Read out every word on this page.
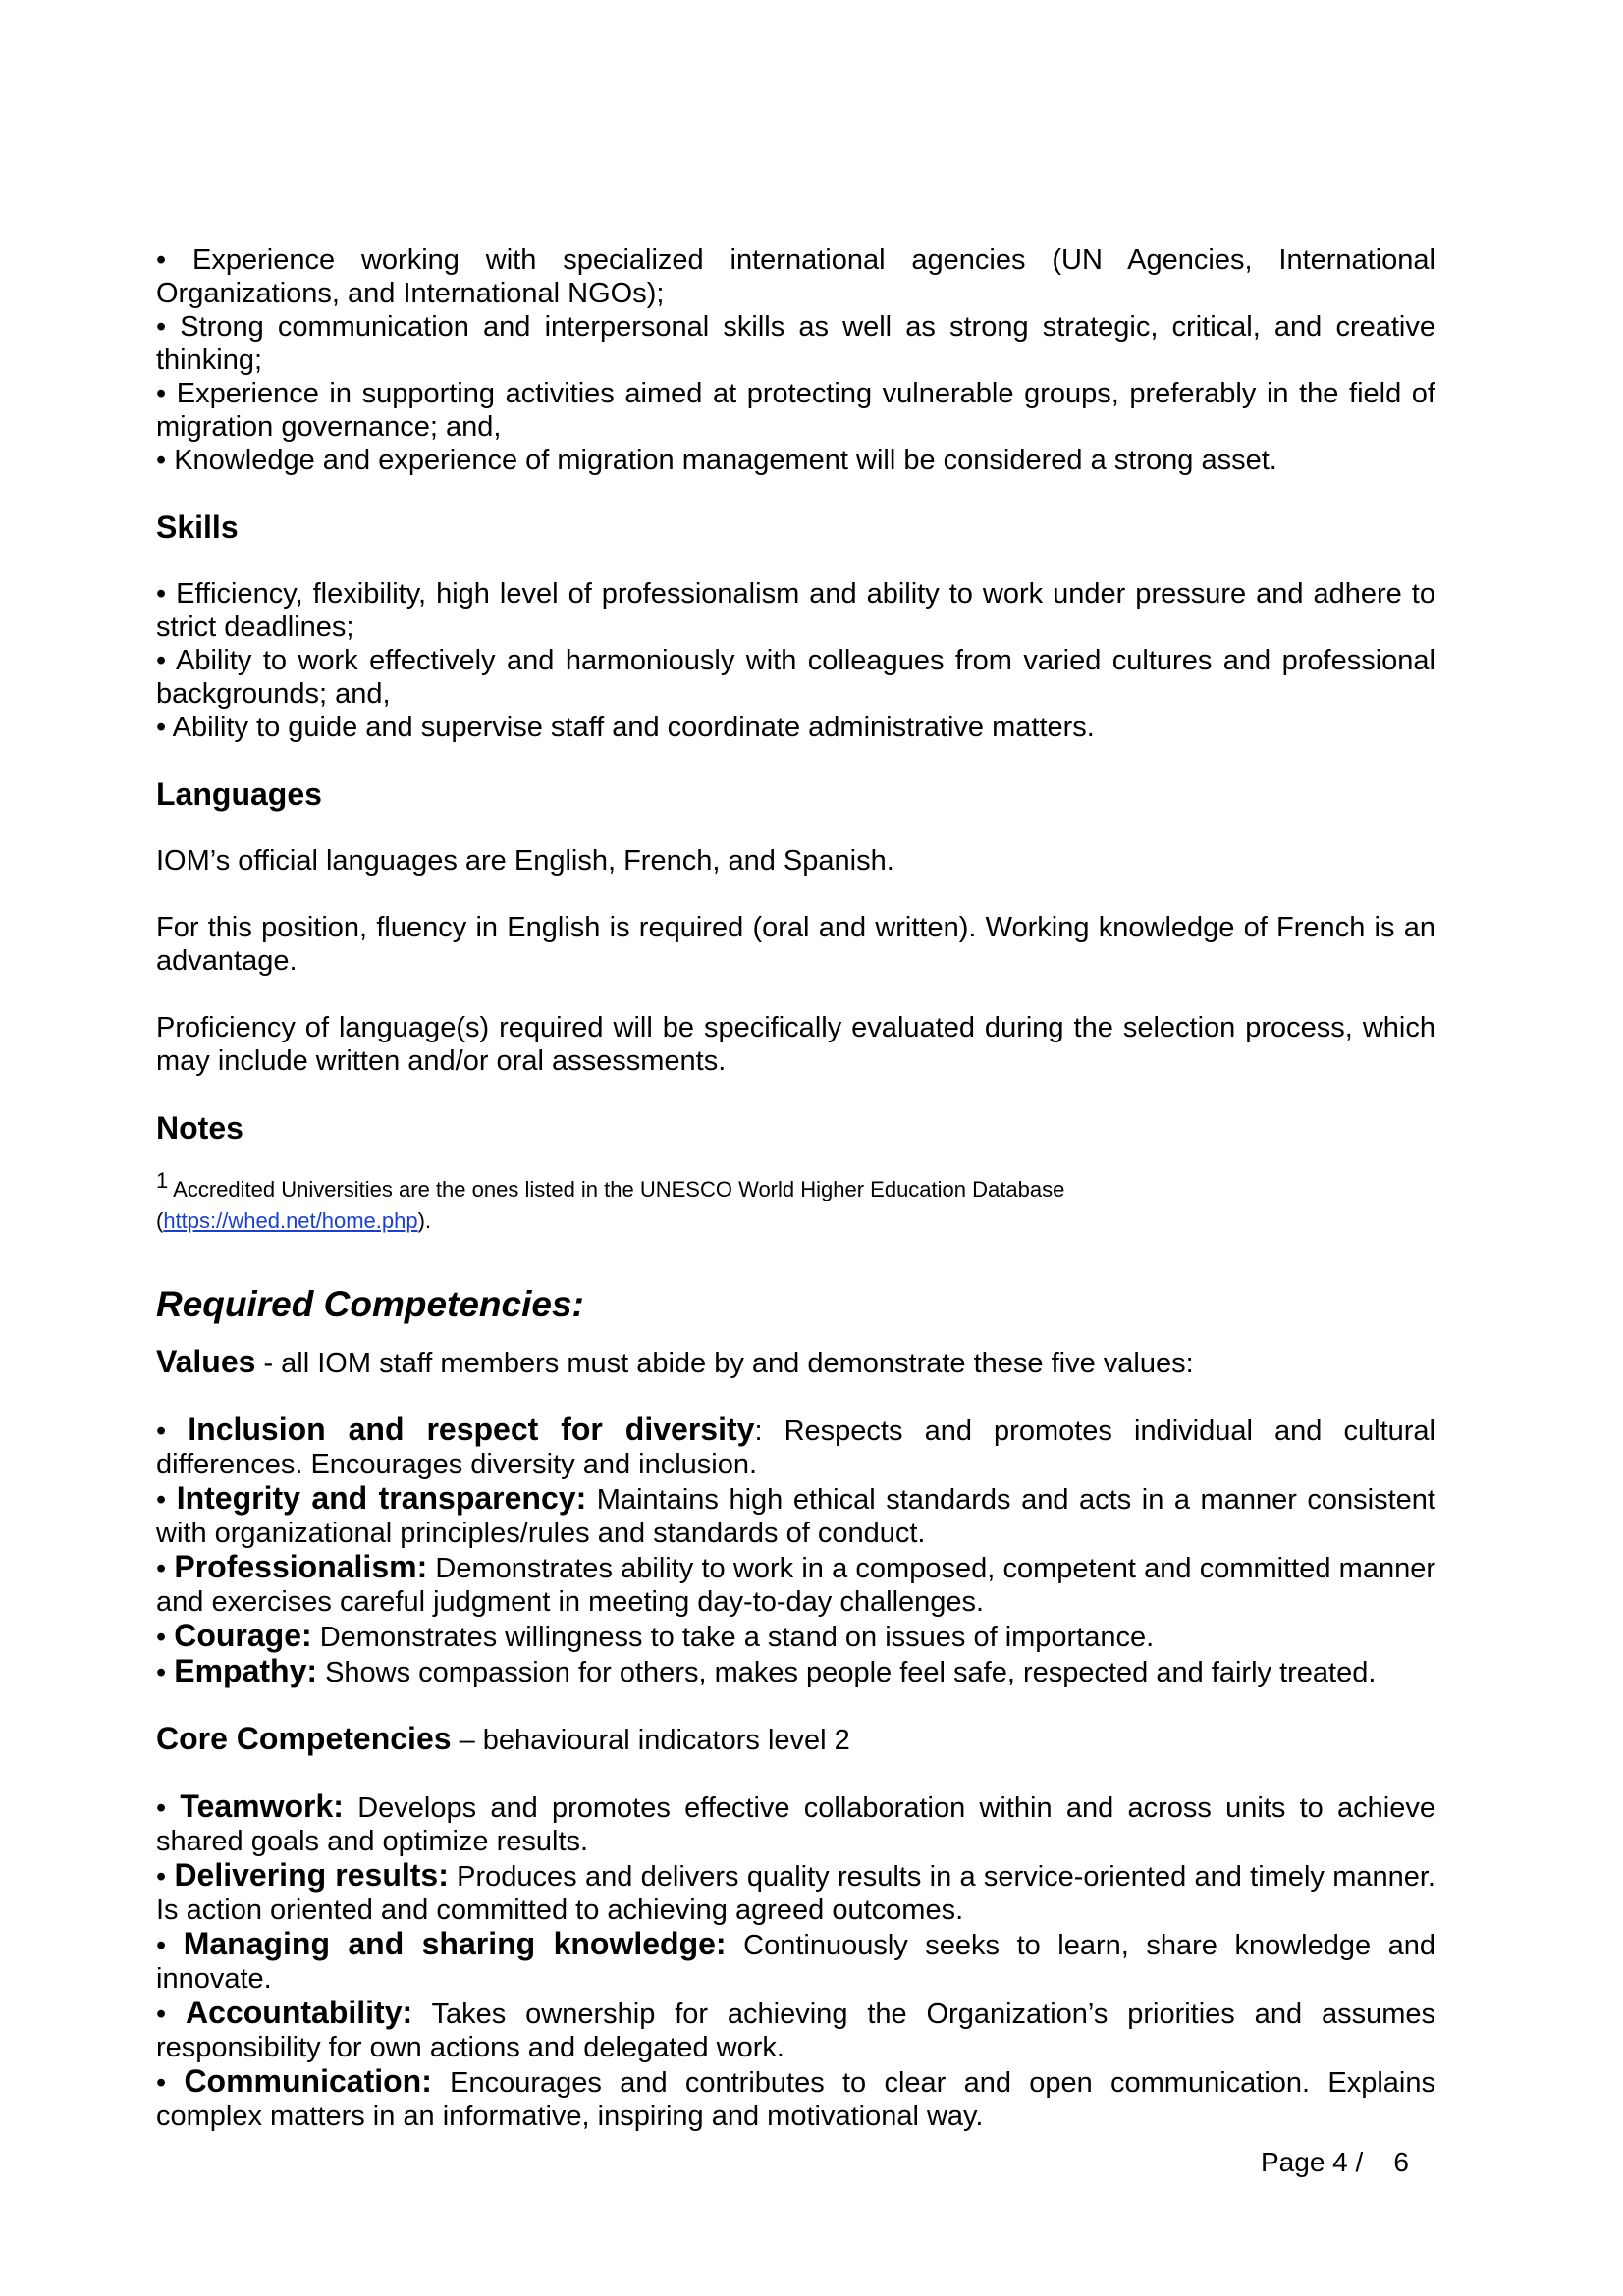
• Experience working with specialized international agencies (UN Agencies, International Organizations, and International NGOs);

• Strong communication and interpersonal skills as well as strong strategic, critical, and creative thinking;

• Experience in supporting activities aimed at protecting vulnerable groups, preferably in the field of migration governance; and,

• Knowledge and experience of migration management will be considered a strong asset.

Skills

• Efficiency, flexibility, high level of professionalism and ability to work under pressure and adhere to strict deadlines;

• Ability to work effectively and harmoniously with colleagues from varied cultures and professional backgrounds; and,

• Ability to guide and supervise staff and coordinate administrative matters.

Languages

IOM’s official languages are English, French, and Spanish.

For this position, fluency in English is required (oral and written). Working knowledge of French is an advantage.

Proficiency of language(s) required will be specifically evaluated during the selection process, which may include written and/or oral assessments.

Notes

$^1$ Accredited Universities are the ones listed in the UNESCO World Higher Education Database
(https://whed.net/home.php).

Required Competencies:

Values - all IOM staff members must abide by and demonstrate these five values:

• Inclusion and respect for diversity: Respects and promotes individual and cultural differences. Encourages diversity and inclusion.

• Integrity and transparency: Maintains high ethical standards and acts in a manner consistent with organizational principles/rules and standards of conduct.

• Professionalism: Demonstrates ability to work in a composed, competent and committed manner and exercises careful judgment in meeting day-to-day challenges.

• Courage: Demonstrates willingness to take a stand on issues of importance.

• Empathy: Shows compassion for others, makes people feel safe, respected and fairly treated.

Core Competencies – behavioural indicators level 2

• Teamwork: Develops and promotes effective collaboration within and across units to achieve shared goals and optimize results.

• Delivering results: Produces and delivers quality results in a service-oriented and timely manner. Is action oriented and committed to achieving agreed outcomes.

• Managing and sharing knowledge: Continuously seeks to learn, share knowledge and innovate.

• Accountability: Takes ownership for achieving the Organization’s priorities and assumes responsibility for own actions and delegated work.

• Communication: Encourages and contributes to clear and open communication. Explains complex matters in an informative, inspiring and motivational way.

Page 4 /    6
